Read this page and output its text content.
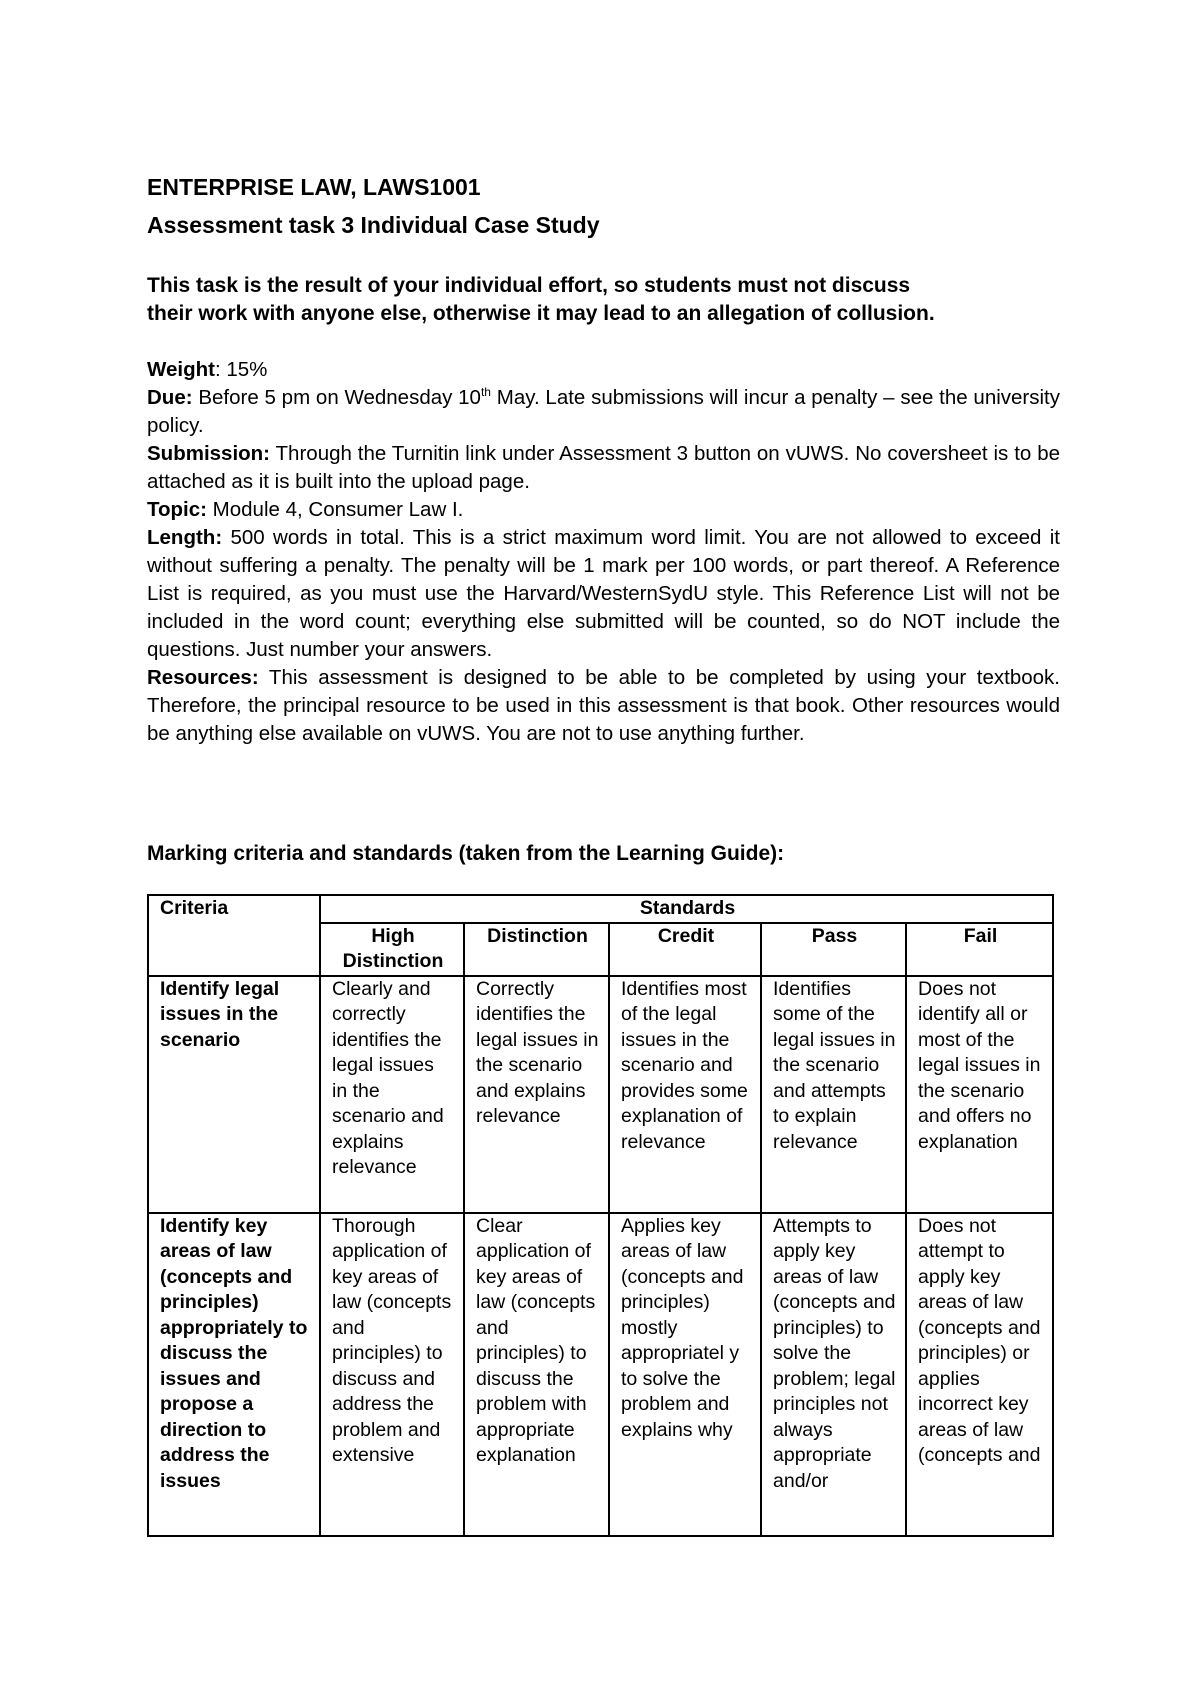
ENTERPRISE LAW, LAWS1001
Assessment task 3 Individual Case Study

This task is the result of your individual effort, so students must not discuss

their work with anyone else, otherwise it may lead to an allegation of collusion.

Weight: 15%

Due: Before 5 pm on Wednesday 10th May. Late submissions will incur a penalty – see the university policy.

Submission: Through the Turnitin link under Assessment 3 button on vUWS. No coversheet is to be attached as it is built into the upload page.

Topic: Module 4, Consumer Law I.

Length: 500 words in total. This is a strict maximum word limit. You are not allowed to exceed it without suffering a penalty. The penalty will be 1 mark per 100 words, or part thereof. A Reference List is required, as you must use the Harvard/WesternSydU style. This Reference List will not be included in the word count; everything else submitted will be counted, so do NOT include the questions. Just number your answers.

Resources: This assessment is designed to be able to be completed by using your textbook. Therefore, the principal resource to be used in this assessment is that book. Other resources would be anything else available on vUWS. You are not to use anything further.

Marking criteria and standards (taken from the Learning Guide):
Criteria	Standards				
	High Distinction	Distinction	Credit	Pass	Fail
Identify legal issues in the scenario	Clearly and correctly identifies the legal issues in the scenario and explains relevance	Correctly identifies the legal issues in the scenario and explains relevance	Identifies most of the legal issues in the scenario and provides some explanation of relevance	Identifies some of the legal issues in the scenario and attempts to explain relevance	Does not identify all or most of the legal issues in the scenario and offers no explanation
Identify key areas of law (concepts and principles) appropriately to discuss the issues and propose a direction to address the issues	Thorough application of key areas of law (concepts and principles) to discuss and address the problem and extensive	Clear application of key areas of law (concepts and principles) to discuss the problem with appropriate explanation	Applies key areas of law (concepts and principles) mostly appropriatel y to solve the problem and explains why	Attempts to apply key areas of law (concepts and principles) to solve the problem; legal principles not always appropriate and/or	Does not attempt to apply key areas of law (concepts and principles) or applies incorrect key areas of law (concepts and
